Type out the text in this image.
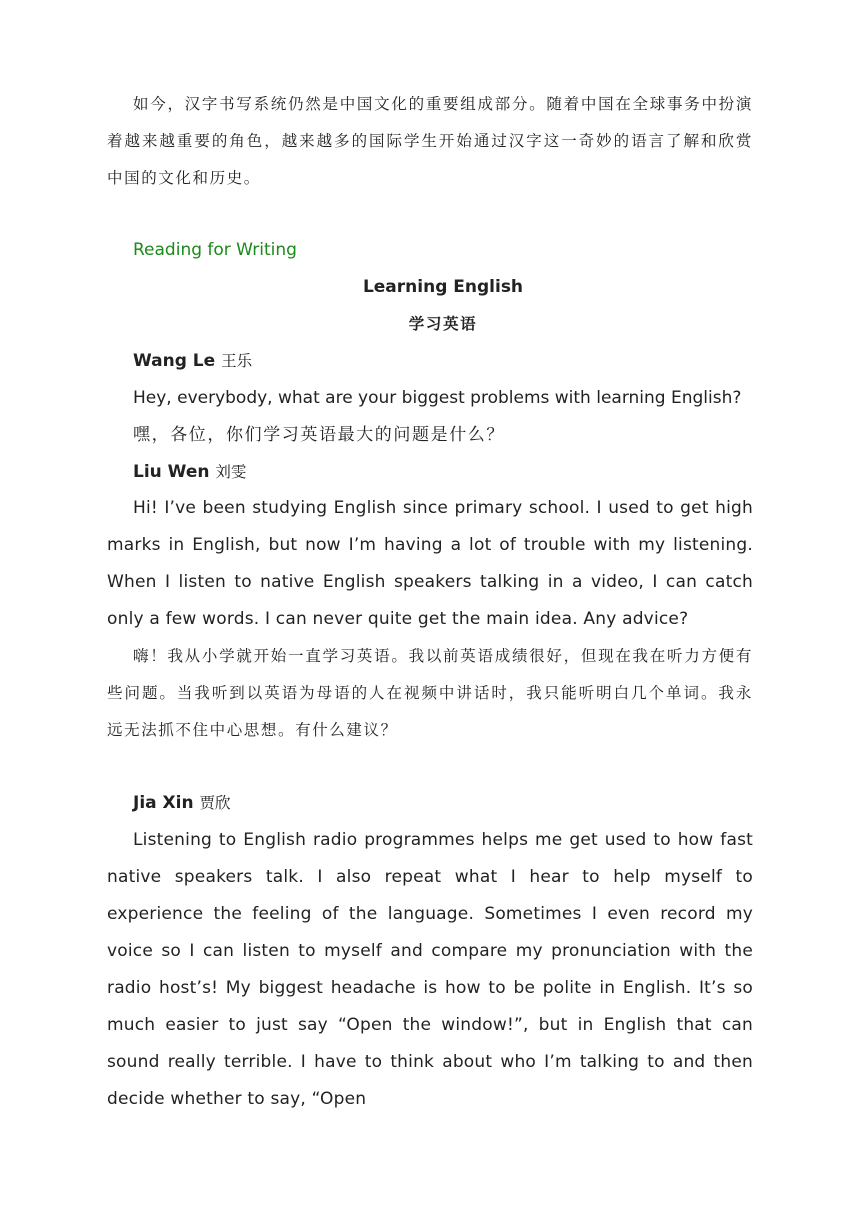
如今，汉字书写系统仍然是中国文化的重要组成部分。随着中国在全球事务中扮演着越来越重要的角色，越来越多的国际学生开始通过汉字这一奇妙的语言了解和欣赏中国的文化和历史。

Reading for Writing

Learning English

学习英语

Wang Le 王乐

Hey, everybody, what are your biggest problems with learning English?

嘿，各位，你们学习英语最大的问题是什么？

Liu Wen 刘雯

Hi! I’ve been studying English since primary school. I used to get high marks in English, but now I’m having a lot of trouble with my listening. When I listen to native English speakers talking in a video, I can catch only a few words. I can never quite get the main idea. Any advice?

嗨！我从小学就开始一直学习英语。我以前英语成绩很好，但现在我在听力方便有些问题。当我听到以英语为母语的人在视频中讲话时，我只能听明白几个单词。我永远无法抓不住中心思想。有什么建议？

Jia Xin 贾欣

Listening to English radio programmes helps me get used to how fast native speakers talk. I also repeat what I hear to help myself to experience the feeling of the language. Sometimes I even record my voice so I can listen to myself and compare my pronunciation with the radio host’s! My biggest headache is how to be polite in English. It’s so much easier to just say “Open the window!”, but in English that can sound really terrible. I have to think about who I’m talking to and then decide whether to say, “Open
